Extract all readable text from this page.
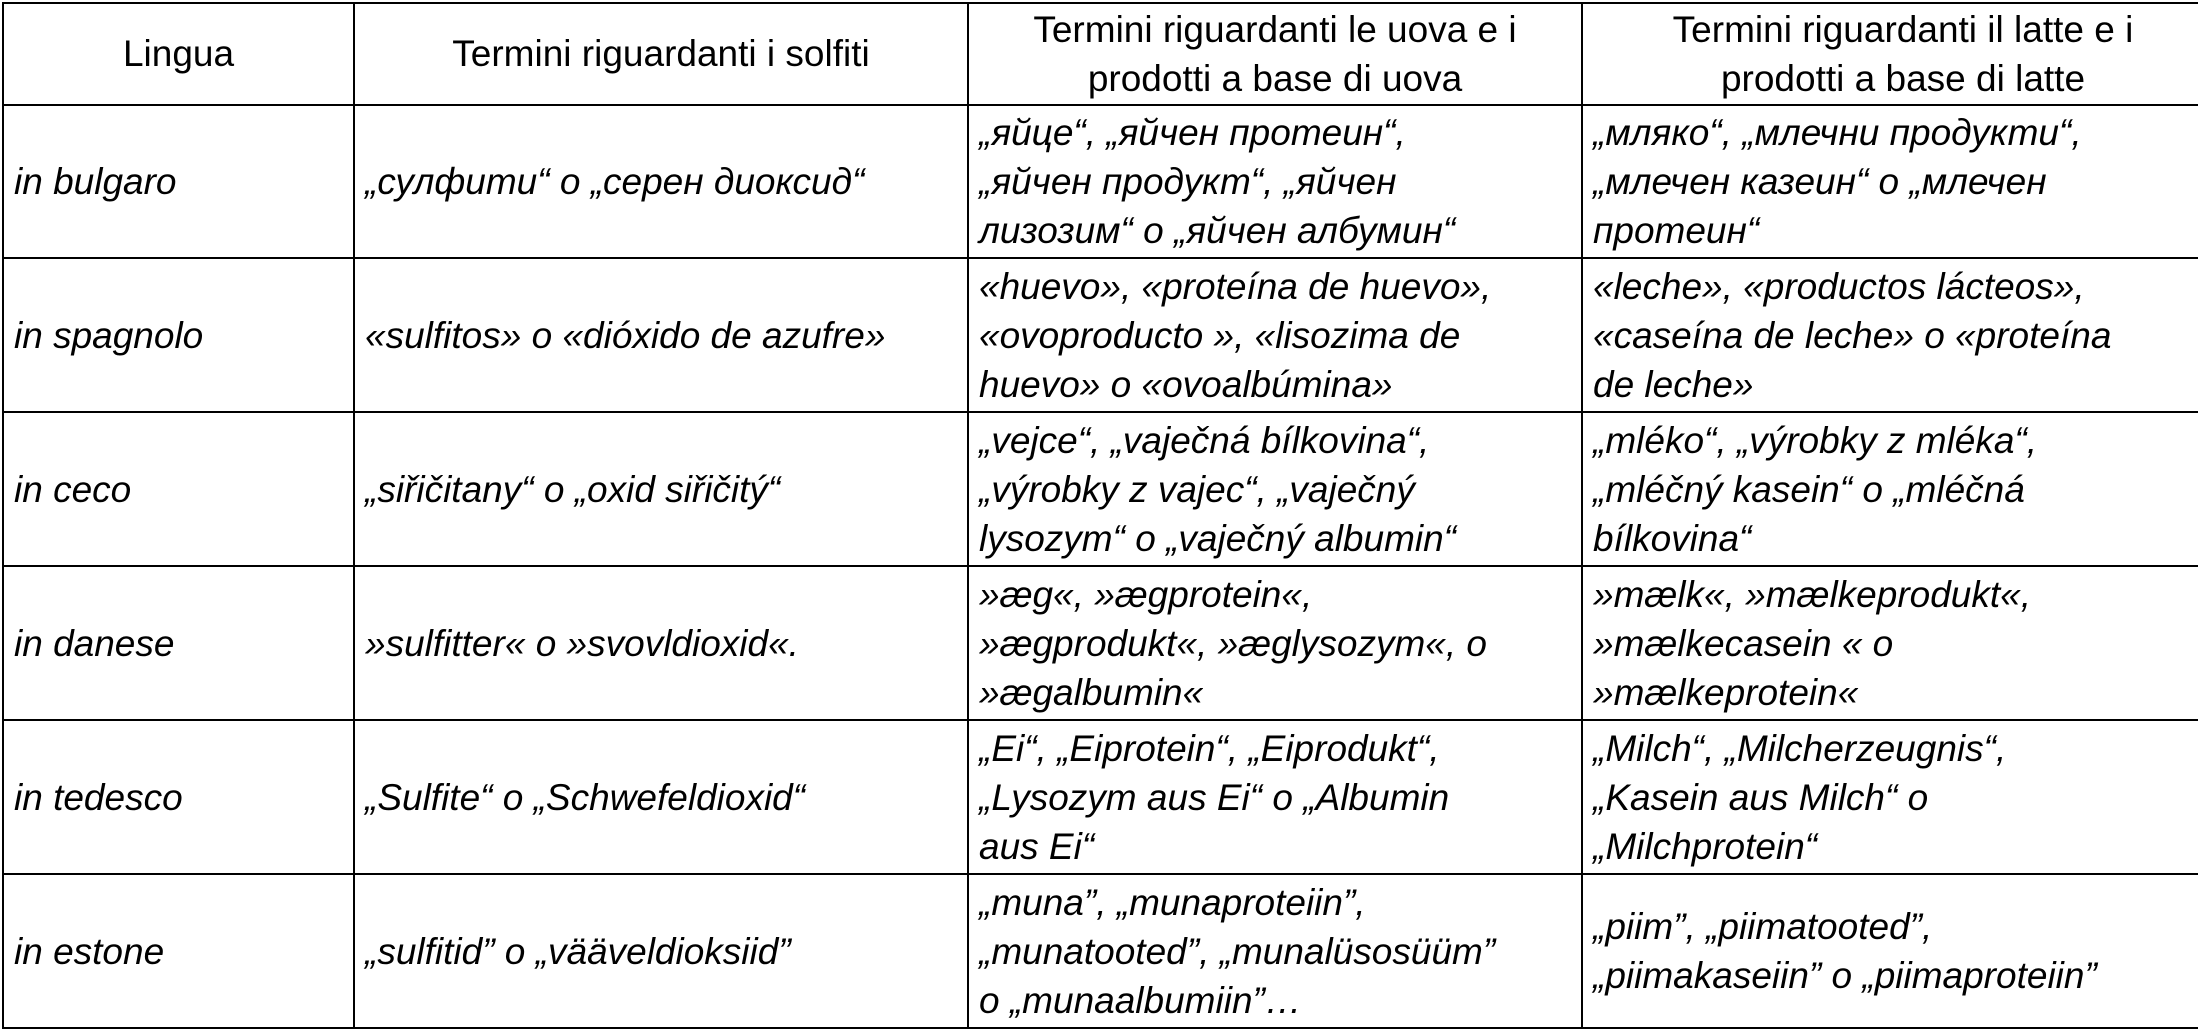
Lingua	Termini riguardanti i solfiti	Termini riguardanti le uova e i
prodotti a base di uova	Termini riguardanti il latte e i
prodotti a base di latte
in bulgaro	„сулфити“ о „серен диоксид“	„яйце“, „яйчен протеин“,
„яйчен продукт“, „яйчен
лизозим“ о „яйчен албумин“	„мляко“, „млечни продукти“,
„млечен казеин“ о „млечен
протеин“
in spagnolo	«sulfitos» o «dióxido de azufre»	«huevo», «proteína de huevo»,
«ovoproducto », «lisozima de
huevo» o «ovoalbúmina»	«leche», «productos lácteos»,
«caseína de leche» o «proteína
de leche»
in ceco	„siřičitany“ o „oxid siřičitý“	„vejce“, „vaječná bílkovina“,
„výrobky z vajec“, „vaječný
lysozym“ o „vaječný albumin“	„mléko“, „výrobky z mléka“,
„mléčný kasein“ o „mléčná
bílkovina“
in danese	»sulfitter« o »svovldioxid«.	»æg«, »ægprotein«,
»ægprodukt«, »æglysozym«, o
»ægalbumin«	»mælk«, »mælkeprodukt«,
»mælkecasein « o
»mælkeprotein«
in tedesco	„Sulfite“ o „Schwefeldioxid“	„Ei“, „Eiprotein“, „Eiprodukt“,
„Lysozym aus Ei“ o „Albumin
aus Ei“	„Milch“, „Milcherzeugnis“,
„Kasein aus Milch“ o
„Milchprotein“
in estone	„sulfitid” o „vääveldioksiid”	„muna”, „munaproteiin”,
„munatooted”, „munalüsosüüm”
o „munaalbumiin”…	„piim”, „piimatooted”,
„piimakaseiin” o „piimaproteiin”
